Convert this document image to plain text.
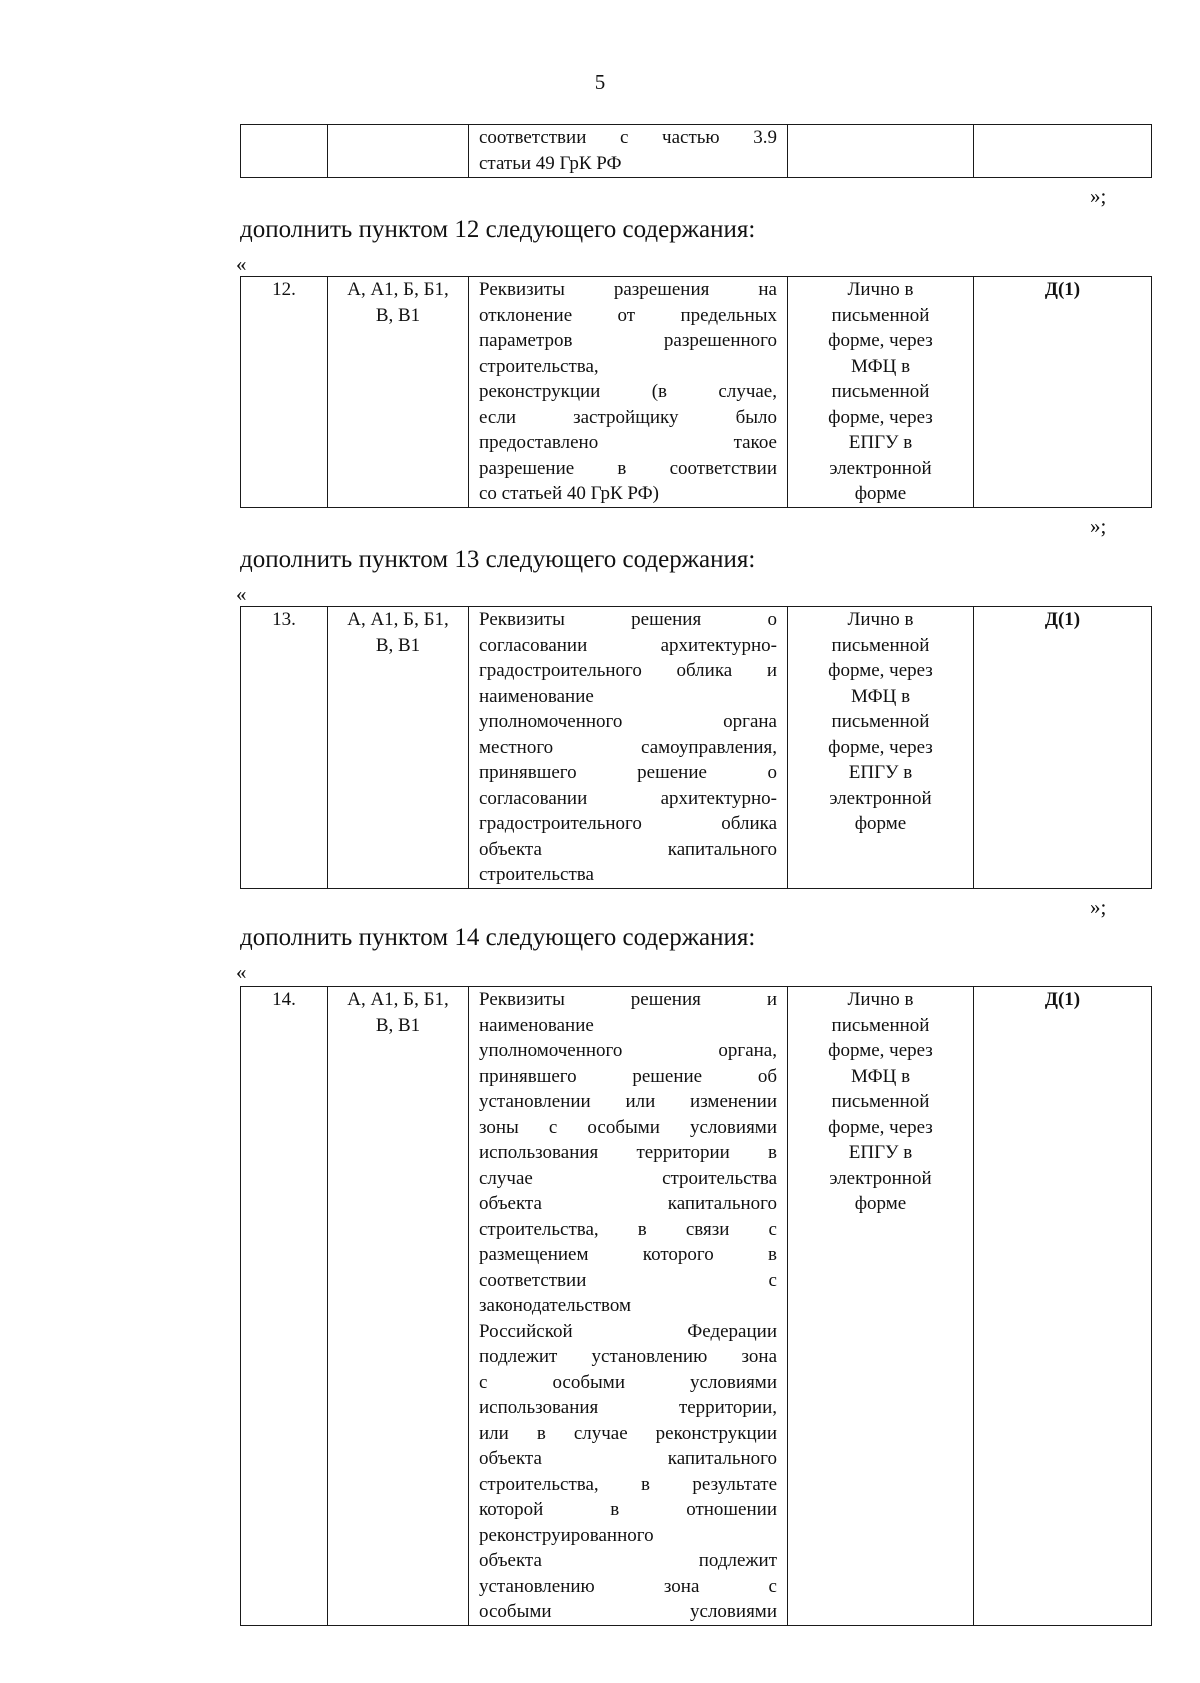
5

соответствии с частью 3.9
статьи 49 ГрК РФ

»;
дополнить пунктом 12 следующего содержания:
«
12.	А, А1, Б, Б1,
В, В1

Реквизиты разрешения на
отклонение от предельных
параметров разрешенного
строительства,
реконструкции (в случае,
если застройщику было
предоставлено такое
разрешение в соответствии
со статьей 40 ГрК РФ)

Лично в
письменной
форме, через
МФЦ в
письменной
форме, через
ЕПГУ в
электронной
форме
	Д(1)
»;
дополнить пунктом 13 следующего содержания:
«
13.	А, А1, Б, Б1,
В, В1

Реквизиты решения о
согласовании архитектурно-
градостроительного облика и
наименование
уполномоченного органа
местного самоуправления,
принявшего решение о
согласовании архитектурно-
градостроительного облика
объекта капитального
строительства

Лично в
письменной
форме, через
МФЦ в
письменной
форме, через
ЕПГУ в
электронной
форме
	Д(1)
»;
дополнить пунктом 14 следующего содержания:
«
14.	А, А1, Б, Б1,
В, В1

Реквизиты решения и
наименование
уполномоченного органа,
принявшего решение об
установлении или изменении
зоны с особыми условиями
использования территории в
случае строительства
объекта капитального
строительства, в связи с
размещением которого в
соответствии с
законодательством
Российской Федерации
подлежит установлению зона
с особыми условиями
использования территории,
или в случае реконструкции
объекта капитального
строительства, в результате
которой в отношении
реконструированного
объекта подлежит
установлению зона с
особыми условиями

Лично в
письменной
форме, через
МФЦ в
письменной
форме, через
ЕПГУ в
электронной
форме
	Д(1)
